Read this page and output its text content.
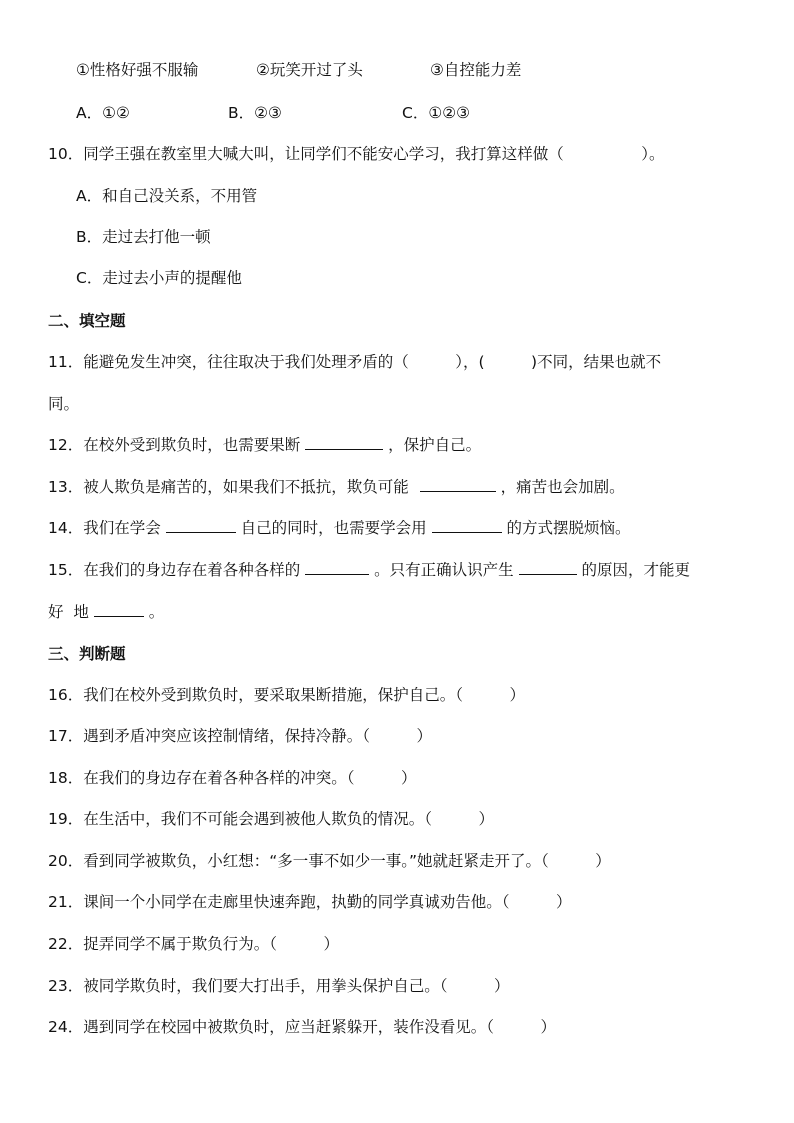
①性格好强不服输	②玩笑开过了头	③自控能力差
A．①②	B．②③	C．①②③
10．同学王强在教室里大喊大叫，让同学们不能安心学习，我打算这样做（　　　　　）。
A．和自己没关系，不用管
B．走过去打他一顿
C．走过去小声的提醒他
二、填空题
11．能避免发生冲突，往往取决于我们处理矛盾的（　　　），(　　　)不同，结果也就不
同。
12．在校外受到欺负时，也需要果断	，保护自己。
13．被人欺负是痛苦的，如果我们不抵抗，欺负可能	，痛苦也会加剧。
14．我们在学会	自己的同时，也需要学会用	的方式摆脱烦恼。
15．在我们的身边存在着各种各样的	。只有正确认识产生	的原因，才能更
好  地	。
三、判断题
16．我们在校外受到欺负时，要采取果断措施，保护自己。（　　　）
17．遇到矛盾冲突应该控制情绪，保持冷静。（　　　）
18．在我们的身边存在着各种各样的冲突。（　　　）
19．在生活中，我们不可能会遇到被他人欺负的情况。（　　　）
20．看到同学被欺负，小红想：“多一事不如少一事。”她就赶紧走开了。（　　　）
21．课间一个小同学在走廊里快速奔跑，执勤的同学真诚劝告他。（　　　）
22．捉弄同学不属于欺负行为。（　　　）
23．被同学欺负时，我们要大打出手，用拳头保护自己。（　　　）
24．遇到同学在校园中被欺负时，应当赶紧躲开，装作没看见。（　　　）
